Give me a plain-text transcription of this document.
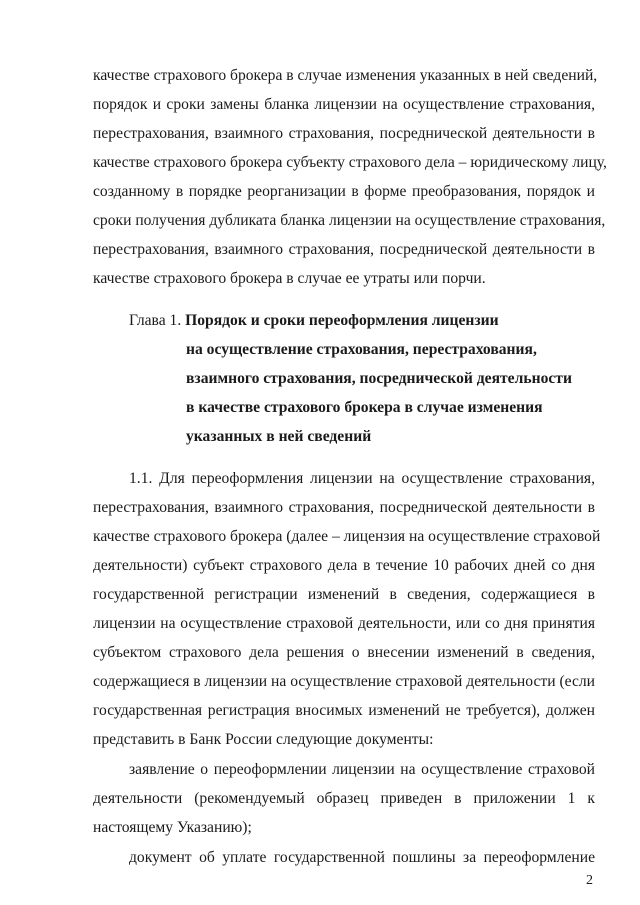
качестве страхового брокера в случае изменения указанных в ней сведений,
порядок и сроки замены бланка лицензии на осуществление страхования,
перестрахования, взаимного страхования, посреднической деятельности в
качестве страхового брокера субъекту страхового дела – юридическому лицу,
созданному в порядке реорганизации в форме преобразования, порядок и
сроки получения дубликата бланка лицензии на осуществление страхования,
перестрахования, взаимного страхования, посреднической деятельности в
качестве страхового брокера в случае ее утраты или порчи.
Глава 1. Порядок и сроки переоформления лицензии
на осуществление страхования, перестрахования,
взаимного страхования, посреднической деятельности
в качестве страхового брокера в случае изменения
указанных в ней сведений
1.1. Для переоформления лицензии на осуществление страхования,
перестрахования, взаимного страхования, посреднической деятельности в
качестве страхового брокера (далее – лицензия на осуществление страховой
деятельности) субъект страхового дела в течение 10 рабочих дней со дня
государственной регистрации изменений в сведения, содержащиеся в
лицензии на осуществление страховой деятельности, или со дня принятия
субъектом страхового дела решения о внесении изменений в сведения,
содержащиеся в лицензии на осуществление страховой деятельности (если
государственная регистрация вносимых изменений не требуется), должен
представить в Банк России следующие документы:
заявление о переоформлении лицензии на осуществление страховой
деятельности (рекомендуемый образец приведен в приложении 1 к
настоящему Указанию);
документ об уплате государственной пошлины за переоформление
2
